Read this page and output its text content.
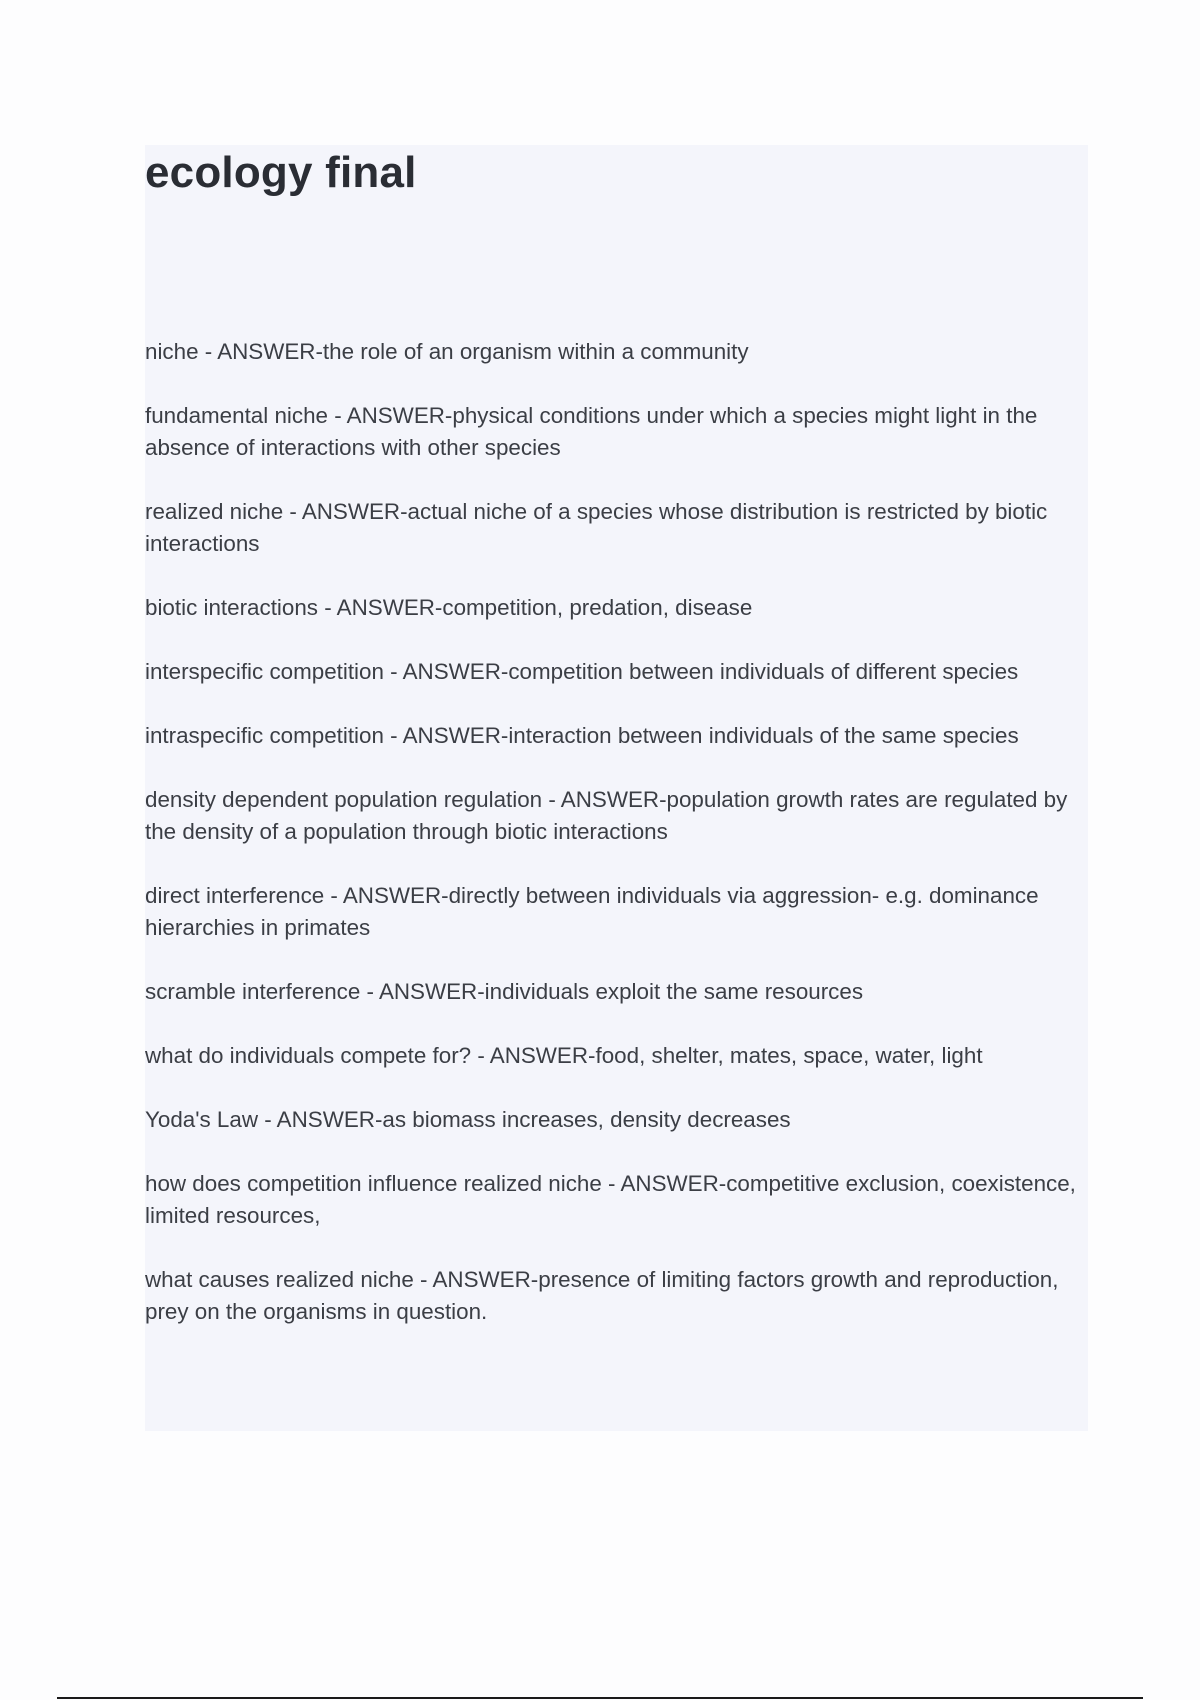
ecology final
niche - ANSWER-the role of an organism within a community
fundamental niche - ANSWER-physical conditions under which a species might light in the absence of interactions with other species
realized niche - ANSWER-actual niche of a species whose distribution is restricted by biotic interactions
biotic interactions - ANSWER-competition, predation, disease
interspecific competition - ANSWER-competition between individuals of different species
intraspecific competition - ANSWER-interaction between individuals of the same species
density dependent population regulation - ANSWER-population growth rates are regulated by the density of a population through biotic interactions
direct interference - ANSWER-directly between individuals via aggression- e.g. dominance hierarchies in primates
scramble interference - ANSWER-individuals exploit the same resources
what do individuals compete for? - ANSWER-food, shelter, mates, space, water, light
Yoda's Law - ANSWER-as biomass increases, density decreases
how does competition influence realized niche - ANSWER-competitive exclusion, coexistence, limited resources,
what causes realized niche - ANSWER-presence of limiting factors growth and reproduction, prey on the organisms in question.
